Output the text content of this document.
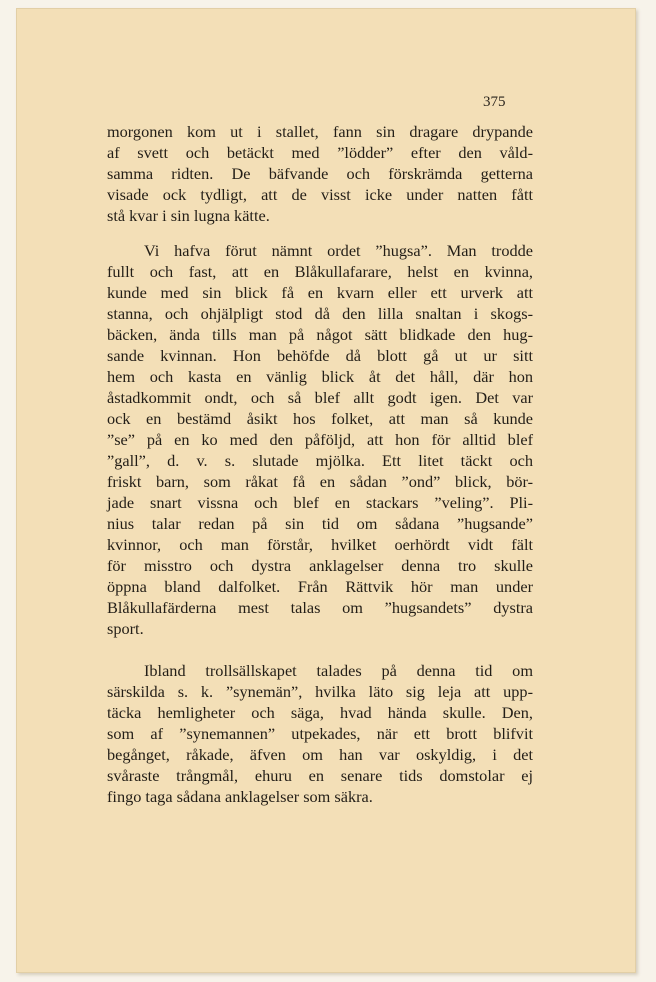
375
morgonen kom ut i stallet, fann sin dragare drypande
af svett och betäckt med ”lödder” efter den våld-
samma ridten. De bäfvande och förskrämda getterna
visade ock tydligt, att de visst icke under natten fått
stå kvar i sin lugna kätte.
Vi hafva förut nämnt ordet ”hugsa”. Man trodde
fullt och fast, att en Blåkullafarare, helst en kvinna,
kunde med sin blick få en kvarn eller ett urverk att
stanna, och ohjälpligt stod då den lilla snaltan i skogs-
bäcken, ända tills man på något sätt blidkade den hug-
sande kvinnan. Hon behöfde då blott gå ut ur sitt
hem och kasta en vänlig blick åt det håll, där hon
åstadkommit ondt, och så blef allt godt igen. Det var
ock en bestämd åsikt hos folket, att man så kunde
”se” på en ko med den påföljd, att hon för alltid blef
”gall”, d. v. s. slutade mjölka. Ett litet täckt och
friskt barn, som råkat få en sådan ”ond” blick, bör-
jade snart vissna och blef en stackars ”veling”. Pli-
nius talar redan på sin tid om sådana ”hugsande”
kvinnor, och man förstår, hvilket oerhördt vidt fält
för misstro och dystra anklagelser denna tro skulle
öppna bland dalfolket. Från Rättvik hör man under
Blåkullafärderna mest talas om ”hugsandets” dystra
sport.
Ibland trollsällskapet talades på denna tid om
särskilda s. k. ”synemän”, hvilka läto sig leja att upp-
täcka hemligheter och säga, hvad hända skulle. Den,
som af ”synemannen” utpekades, när ett brott blifvit
begånget, råkade, äfven om han var oskyldig, i det
svåraste trångmål, ehuru en senare tids domstolar ej
fingo taga sådana anklagelser som säkra.
